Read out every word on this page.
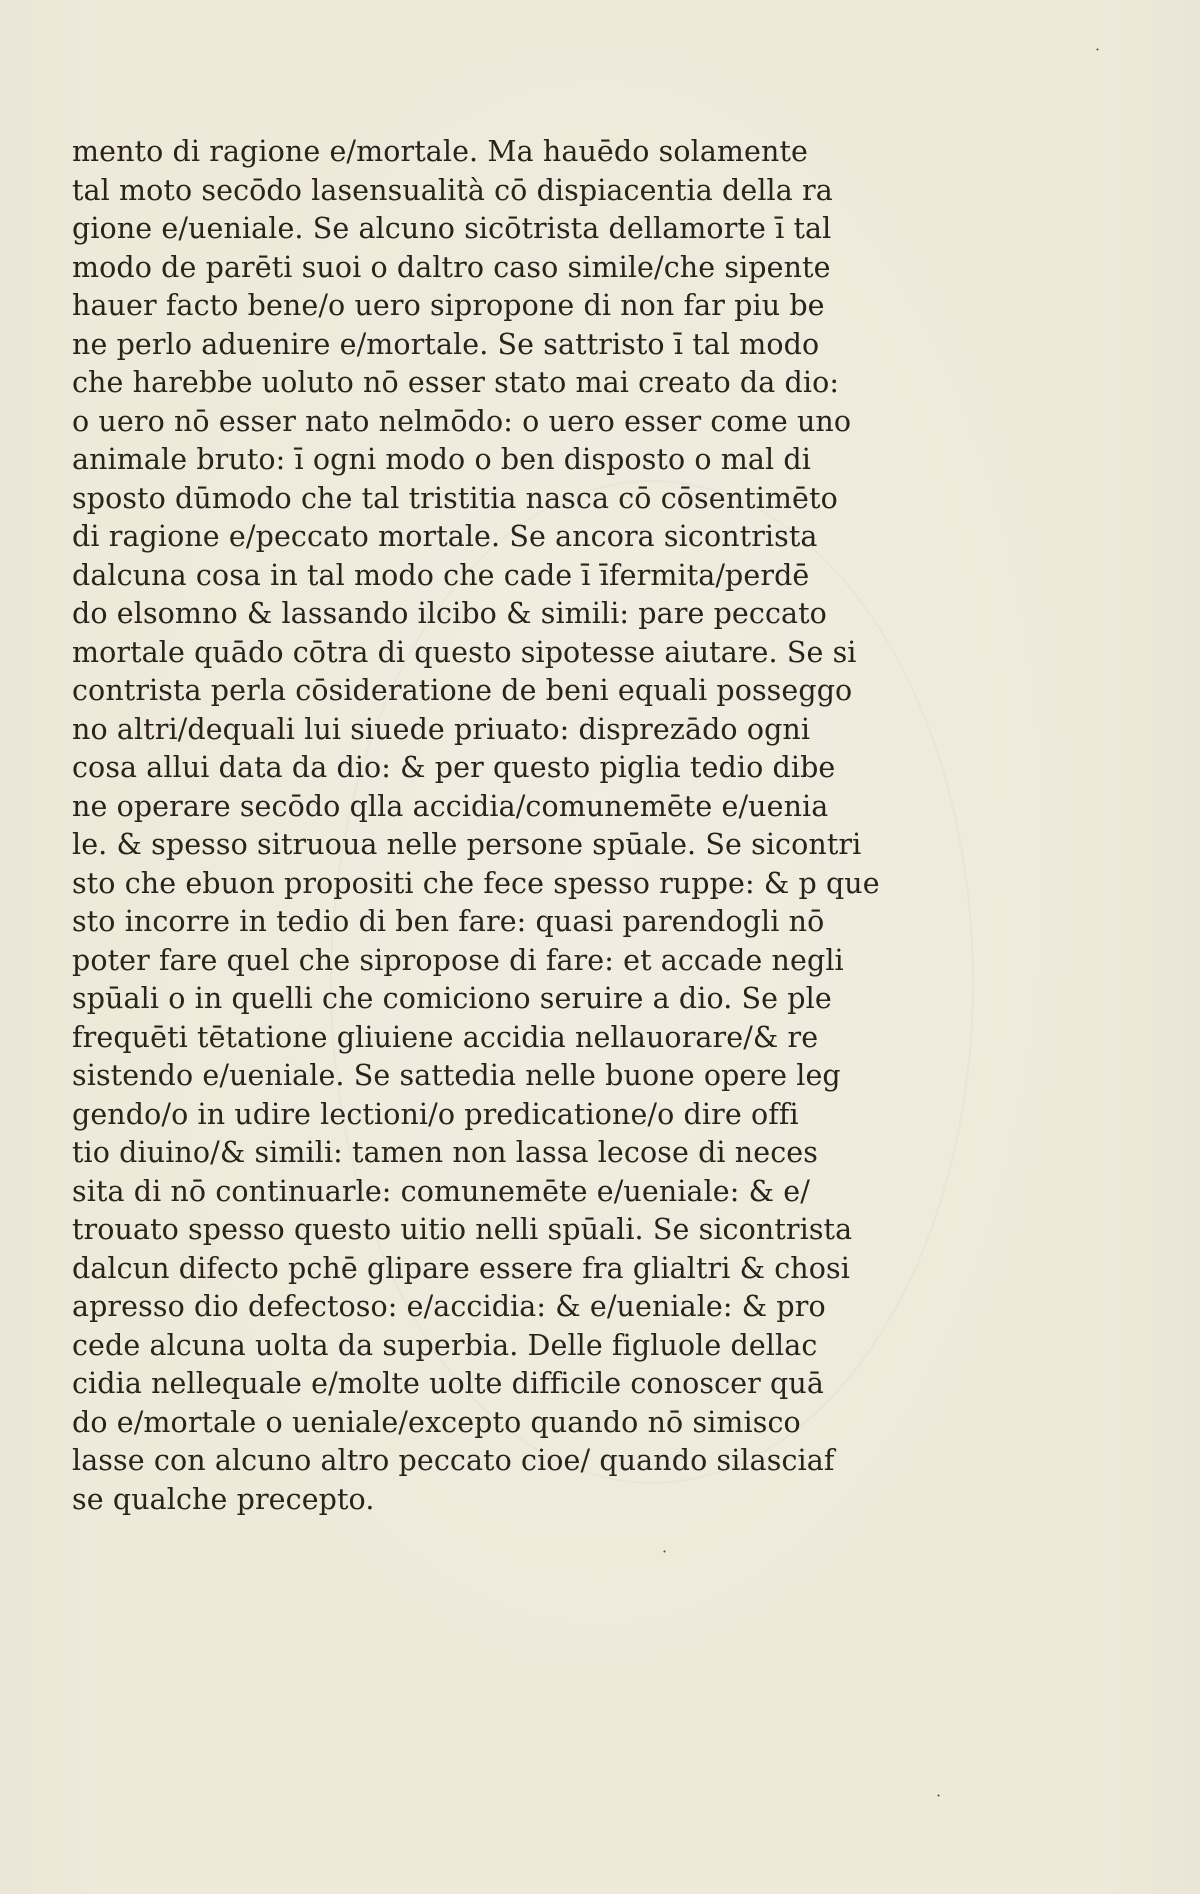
mento di ragione e/mortale. Ma hauēdo solamente
tal moto secōdo lasensualità cō dispiacentia della ra
gione e/ueniale. Se alcuno sicōtrista dellamorte ī tal
modo de parēti suoi o daltro caso simile/che sipente
hauer facto bene/o uero sipropone di non far piu be
ne perlo aduenire e/mortale. Se sattristo ī tal modo
che harebbe uoluto nō esser stato mai creato da dio:
o uero nō esser nato nelmōdo: o uero esser come uno
animale bruto: ī ogni modo o ben disposto o mal di
sposto dūmodo che tal tristitia nasca cō cōsentimēto
di ragione e/peccato mortale. Se ancora sicontrista
dalcuna cosa in tal modo che cade ī īfermita/perdē
do elsomno & lassando ilcibo & simili: pare peccato
mortale quādo cōtra di questo sipotesse aiutare. Se si
contrista perla cōsideratione de beni equali possеggo
no altri/dequali lui siuede priuato: disprezādo ogni
cosa allui data da dio: & per questo piglia tedio dibe
ne operare secōdo qlla accidia/comunemēte e/uenia
le. & spesso sitruoua nelle persone spūale. Se sicontri
sto che ebuon propositi che fece spesso ruppe: & p que
sto incorre in tedio di ben fare: quasi parendogli nō
poter fare quel che sipropose di fare: et accade negli
spūali o in quelli che comiciono seruire a dio. Se ple
frequēti tētatione gliuiene accidia nellauorare/& re
sistendo e/ueniale. Se sattedia nelle buone opere leg
gendo/o in udire lectioni/o predicatione/o dire offi
tio diuino/& simili: tamen non lassa lecose di neces
sita di nō continuarle: comunemēte e/ueniale: & e/
trouato spesso questo uitio nelli spūali. Se sicontrista
dalcun difecto pchē gliparе essere fra glialtri & chosi
apresso dio defectoso: e/accidia: & e/ueniale: & pro
cede alcuna uolta da superbia. Delle figluole dellac
cidia nellequale e/molte uolte difficile conoscer quā
do e/mortale o ueniale/excepto quando nō simisco
lasse con alcuno altro peccato cioe/ quando silasciaf
se qualche precepto.
·
·
·
